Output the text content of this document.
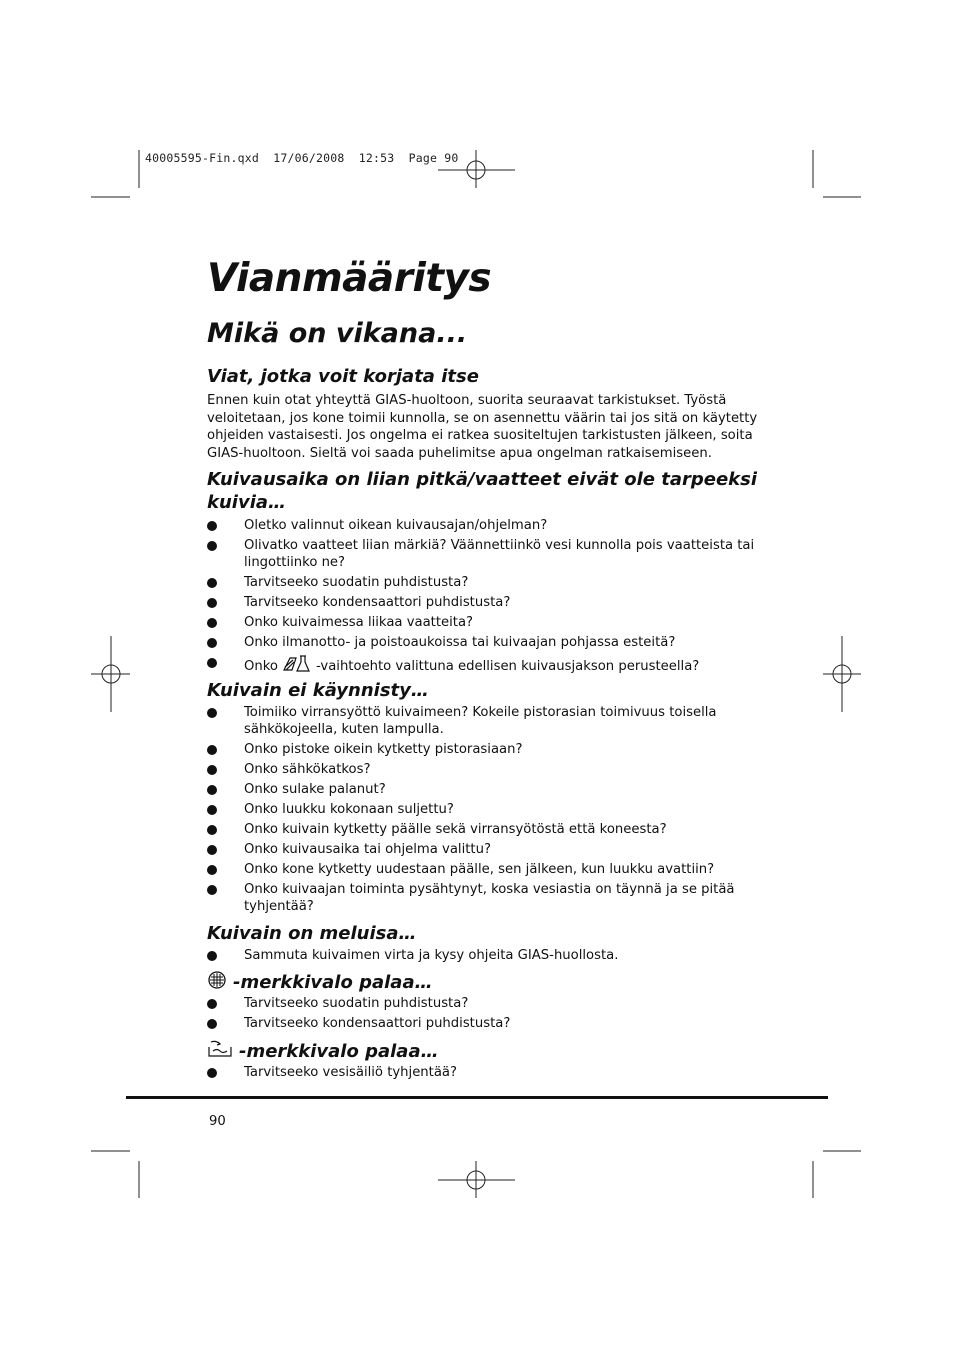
40005595-Fin.qxd  17/06/2008  12:53  Page 90
Vianmääritys
Mikä on vikana...
Viat, jotka voit korjata itse

Ennen kuin otat yhteyttä GIAS-huoltoon, suorita seuraavat tarkistukset. Työstä veloitetaan, jos kone toimii kunnolla, se on asennettu väärin tai jos sitä on käytetty ohjeiden vastaisesti. Jos ongelma ei ratkea suositeltujen tarkistusten jälkeen, soita GIAS-huoltoon. Sieltä voi saada puhelimitse apua ongelman ratkaisemiseen.

Kuivausaika on liian pitkä/vaatteet eivät ole tarpeeksi kuivia…
Oletko valinnut oikean kuivausajan/ohjelman?
Olivatko vaatteet liian märkiä? Väännettiinkö vesi kunnolla pois vaatteista tai lingottiinko ne?
Tarvitseeko suodatin puhdistusta?
Tarvitseeko kondensaattori puhdistusta?
Onko kuivaimessa liikaa vaatteita?
Onko ilmanotto- ja poistoaukoissa tai kuivaajan pohjassa esteitä?
Onko	-vaihtoehto valittuna edellisen kuivausjakson perusteella?
Kuivain ei käynnisty…
Toimiiko virransyöttö kuivaimeen? Kokeile pistorasian toimivuus toisella sähkökojeella, kuten lampulla.
Onko pistoke oikein kytketty pistorasiaan?
Onko sähkökatkos?
Onko sulake palanut?
Onko luukku kokonaan suljettu?
Onko kuivain kytketty päälle sekä virransyötöstä että koneesta?
Onko kuivausaika tai ohjelma valittu?
Onko kone kytketty uudestaan päälle, sen jälkeen, kun luukku avattiin?
Onko kuivaajan toiminta pysähtynyt, koska vesiastia on täynnä ja se pitää tyhjentää?
Kuivain on meluisa…
Sammuta kuivaimen virta ja kysy ohjeita GIAS-huollosta.
-merkkivalo palaa…
Tarvitseeko suodatin puhdistusta?
Tarvitseeko kondensaattori puhdistusta?
-merkkivalo palaa…
Tarvitseeko vesisäiliö tyhjentää?
90
